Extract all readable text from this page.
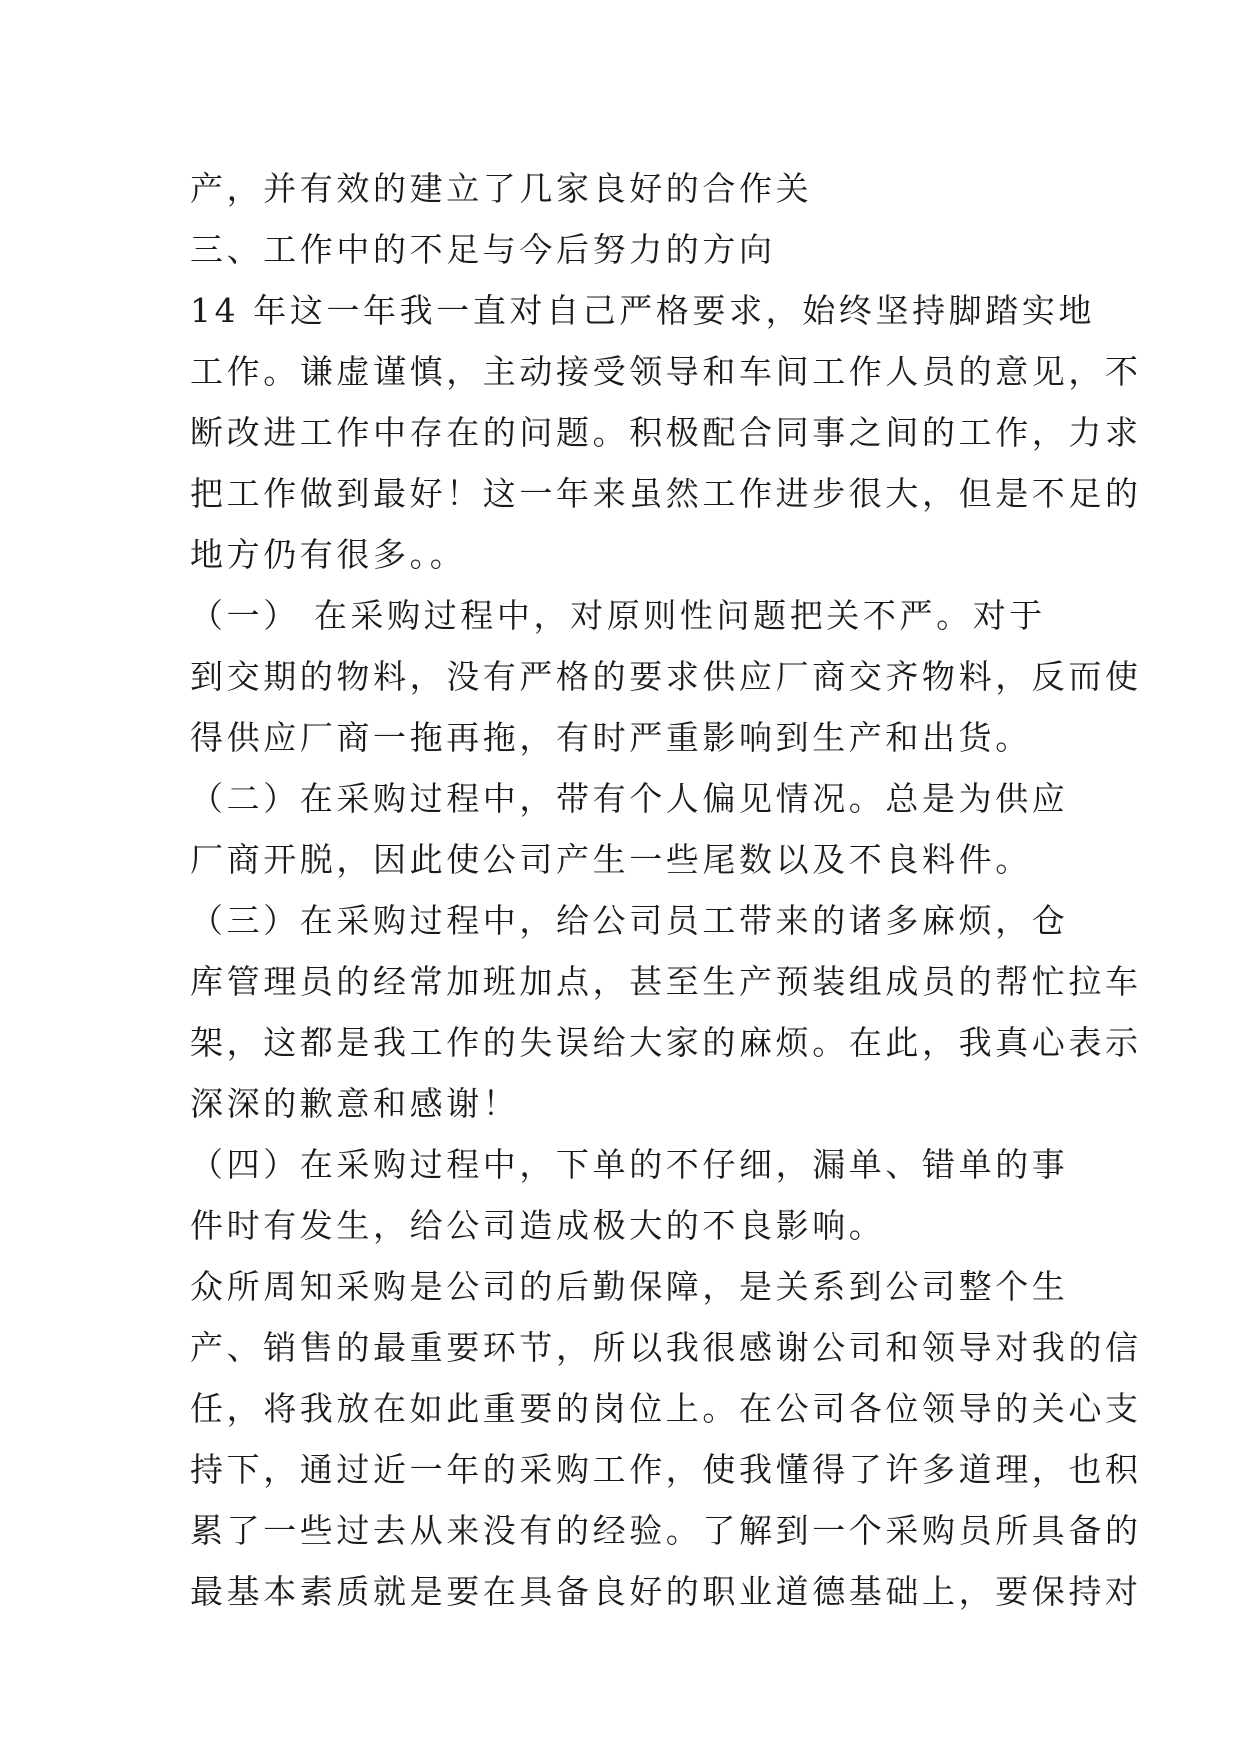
产，并有效的建立了几家良好的合作关
三、工作中的不足与今后努力的方向
14 年这一年我一直对自己严格要求，始终坚持脚踏实地
工作。谦虚谨慎，主动接受领导和车间工作人员的意见，不
断改进工作中存在的问题。积极配合同事之间的工作，力求
把工作做到最好！这一年来虽然工作进步很大，但是不足的
地方仍有很多。。
（一） 在采购过程中，对原则性问题把关不严。对于
到交期的物料，没有严格的要求供应厂商交齐物料，反而使
得供应厂商一拖再拖，有时严重影响到生产和出货。
（二）在采购过程中，带有个人偏见情况。总是为供应
厂商开脱，因此使公司产生一些尾数以及不良料件。
（三）在采购过程中，给公司员工带来的诸多麻烦，仓
库管理员的经常加班加点，甚至生产预装组成员的帮忙拉车
架，这都是我工作的失误给大家的麻烦。在此，我真心表示
深深的歉意和感谢！
（四）在采购过程中，下单的不仔细，漏单、错单的事
件时有发生，给公司造成极大的不良影响。
众所周知采购是公司的后勤保障，是关系到公司整个生
产、销售的最重要环节，所以我很感谢公司和领导对我的信
任，将我放在如此重要的岗位上。在公司各位领导的关心支
持下，通过近一年的采购工作，使我懂得了许多道理，也积
累了一些过去从来没有的经验。了解到一个采购员所具备的
最基本素质就是要在具备良好的职业道德基础上，要保持对
